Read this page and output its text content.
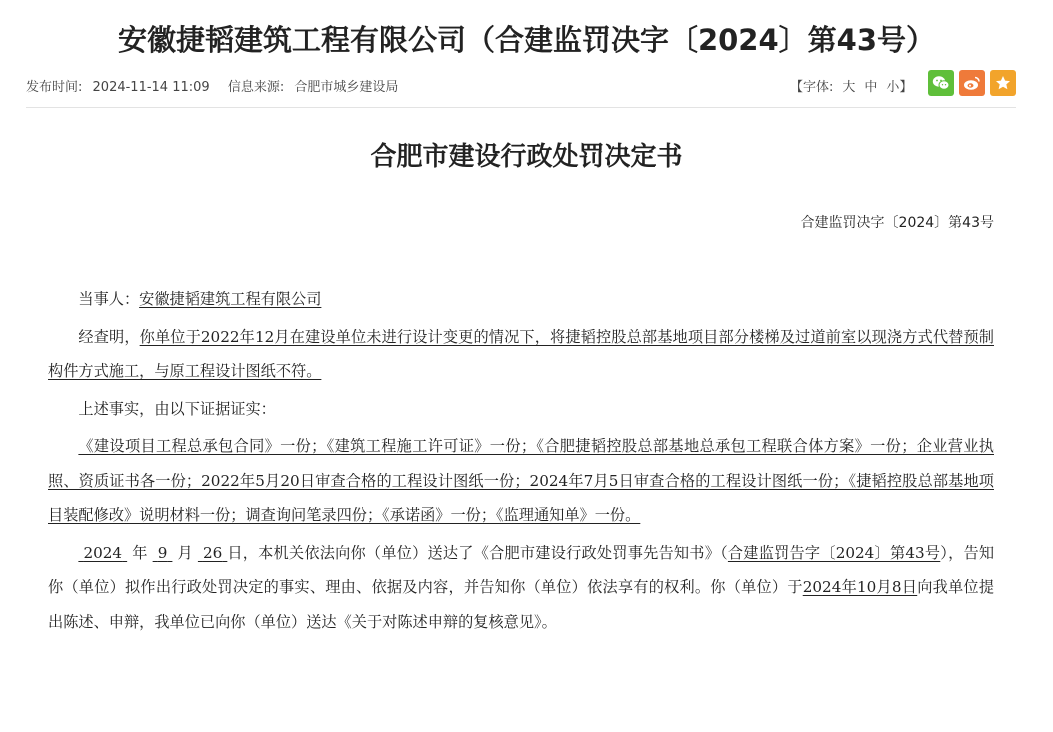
安徽捷韬建筑工程有限公司（合建监罚决字〔2024〕第43号）
发布时间: 2024-11-14 11:09 信息来源: 合肥市城乡建设局	【字体: 大 中 小】
合肥市建设行政处罚决定书
合建监罚决字〔2024〕第43号

当事人：安徽捷韬建筑工程有限公司

经查明，你单位于2022年12月在建设单位未进行设计变更的情况下，将捷韬控股总部基地项目部分楼梯及过道前室以现浇方式代替预制构件方式施工，与原工程设计图纸不符。

上述事实，由以下证据证实：

《建设项目工程总承包合同》一份；《建筑工程施工许可证》一份；《合肥捷韬控股总部基地总承包工程联合体方案》一份；企业营业执照、资质证书各一份；2022年5月20日审查合格的工程设计图纸一份；2024年7月5日审查合格的工程设计图纸一份；《捷韬控股总部基地项目装配修改》说明材料一份；调查询问笔录四份；《承诺函》一份；《监理通知单》一份。

2024 年 9 月 26 日，本机关依法向你（单位）送达了《合肥市建设行政处罚事先告知书》（合建监罚告字〔2024〕第43号），告知你（单位）拟作出行政处罚决定的事实、理由、依据及内容，并告知你（单位）依法享有的权利。你（单位）于2024年10月8日向我单位提出陈述、申辩，我单位已向你（单位）送达《关于对陈述申辩的复核意见》。
